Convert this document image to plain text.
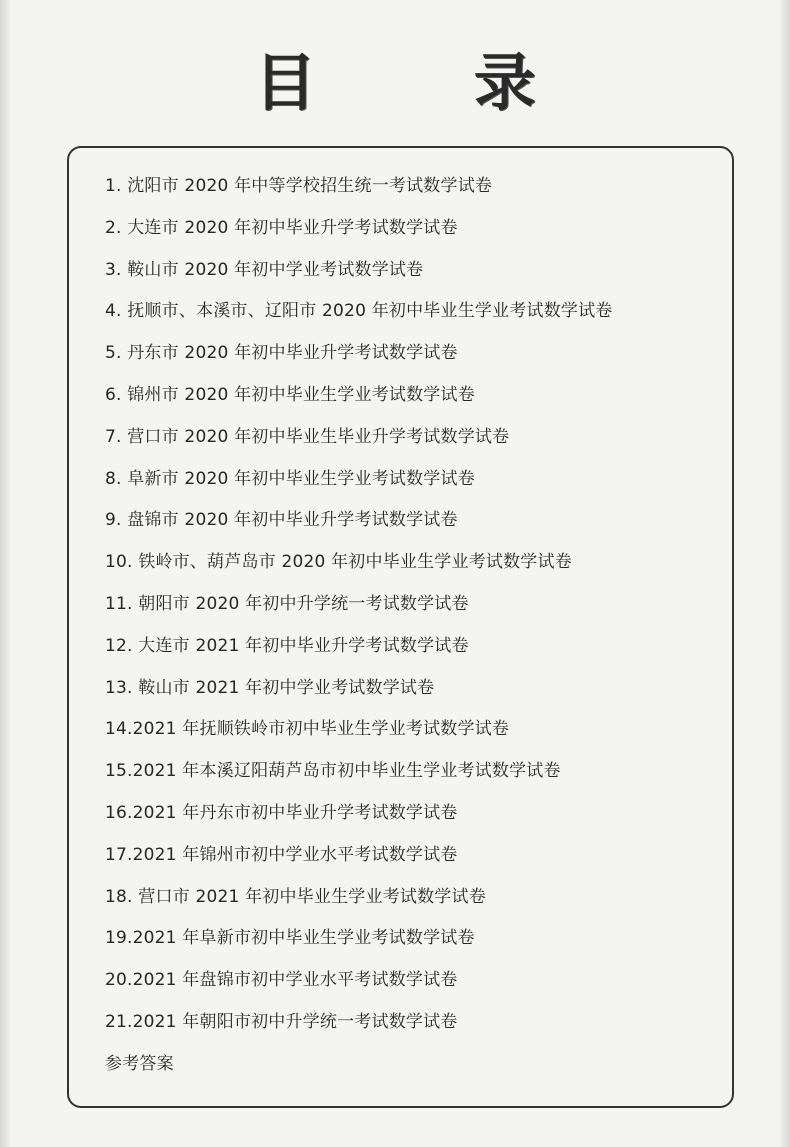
目 录
1. 沈阳市 2020 年中等学校招生统一考试数学试卷
2. 大连市 2020 年初中毕业升学考试数学试卷
3. 鞍山市 2020 年初中学业考试数学试卷
4. 抚顺市、本溪市、辽阳市 2020 年初中毕业生学业考试数学试卷
5. 丹东市 2020 年初中毕业升学考试数学试卷
6. 锦州市 2020 年初中毕业生学业考试数学试卷
7. 营口市 2020 年初中毕业生毕业升学考试数学试卷
8. 阜新市 2020 年初中毕业生学业考试数学试卷
9. 盘锦市 2020 年初中毕业升学考试数学试卷
10. 铁岭市、葫芦岛市 2020 年初中毕业生学业考试数学试卷
11. 朝阳市 2020 年初中升学统一考试数学试卷
12. 大连市 2021 年初中毕业升学考试数学试卷
13. 鞍山市 2021 年初中学业考试数学试卷
14.2021 年抚顺铁岭市初中毕业生学业考试数学试卷
15.2021 年本溪辽阳葫芦岛市初中毕业生学业考试数学试卷
16.2021 年丹东市初中毕业升学考试数学试卷
17.2021 年锦州市初中学业水平考试数学试卷
18. 营口市 2021 年初中毕业生学业考试数学试卷
19.2021 年阜新市初中毕业生学业考试数学试卷
20.2021 年盘锦市初中学业水平考试数学试卷
21.2021 年朝阳市初中升学统一考试数学试卷
参考答案
